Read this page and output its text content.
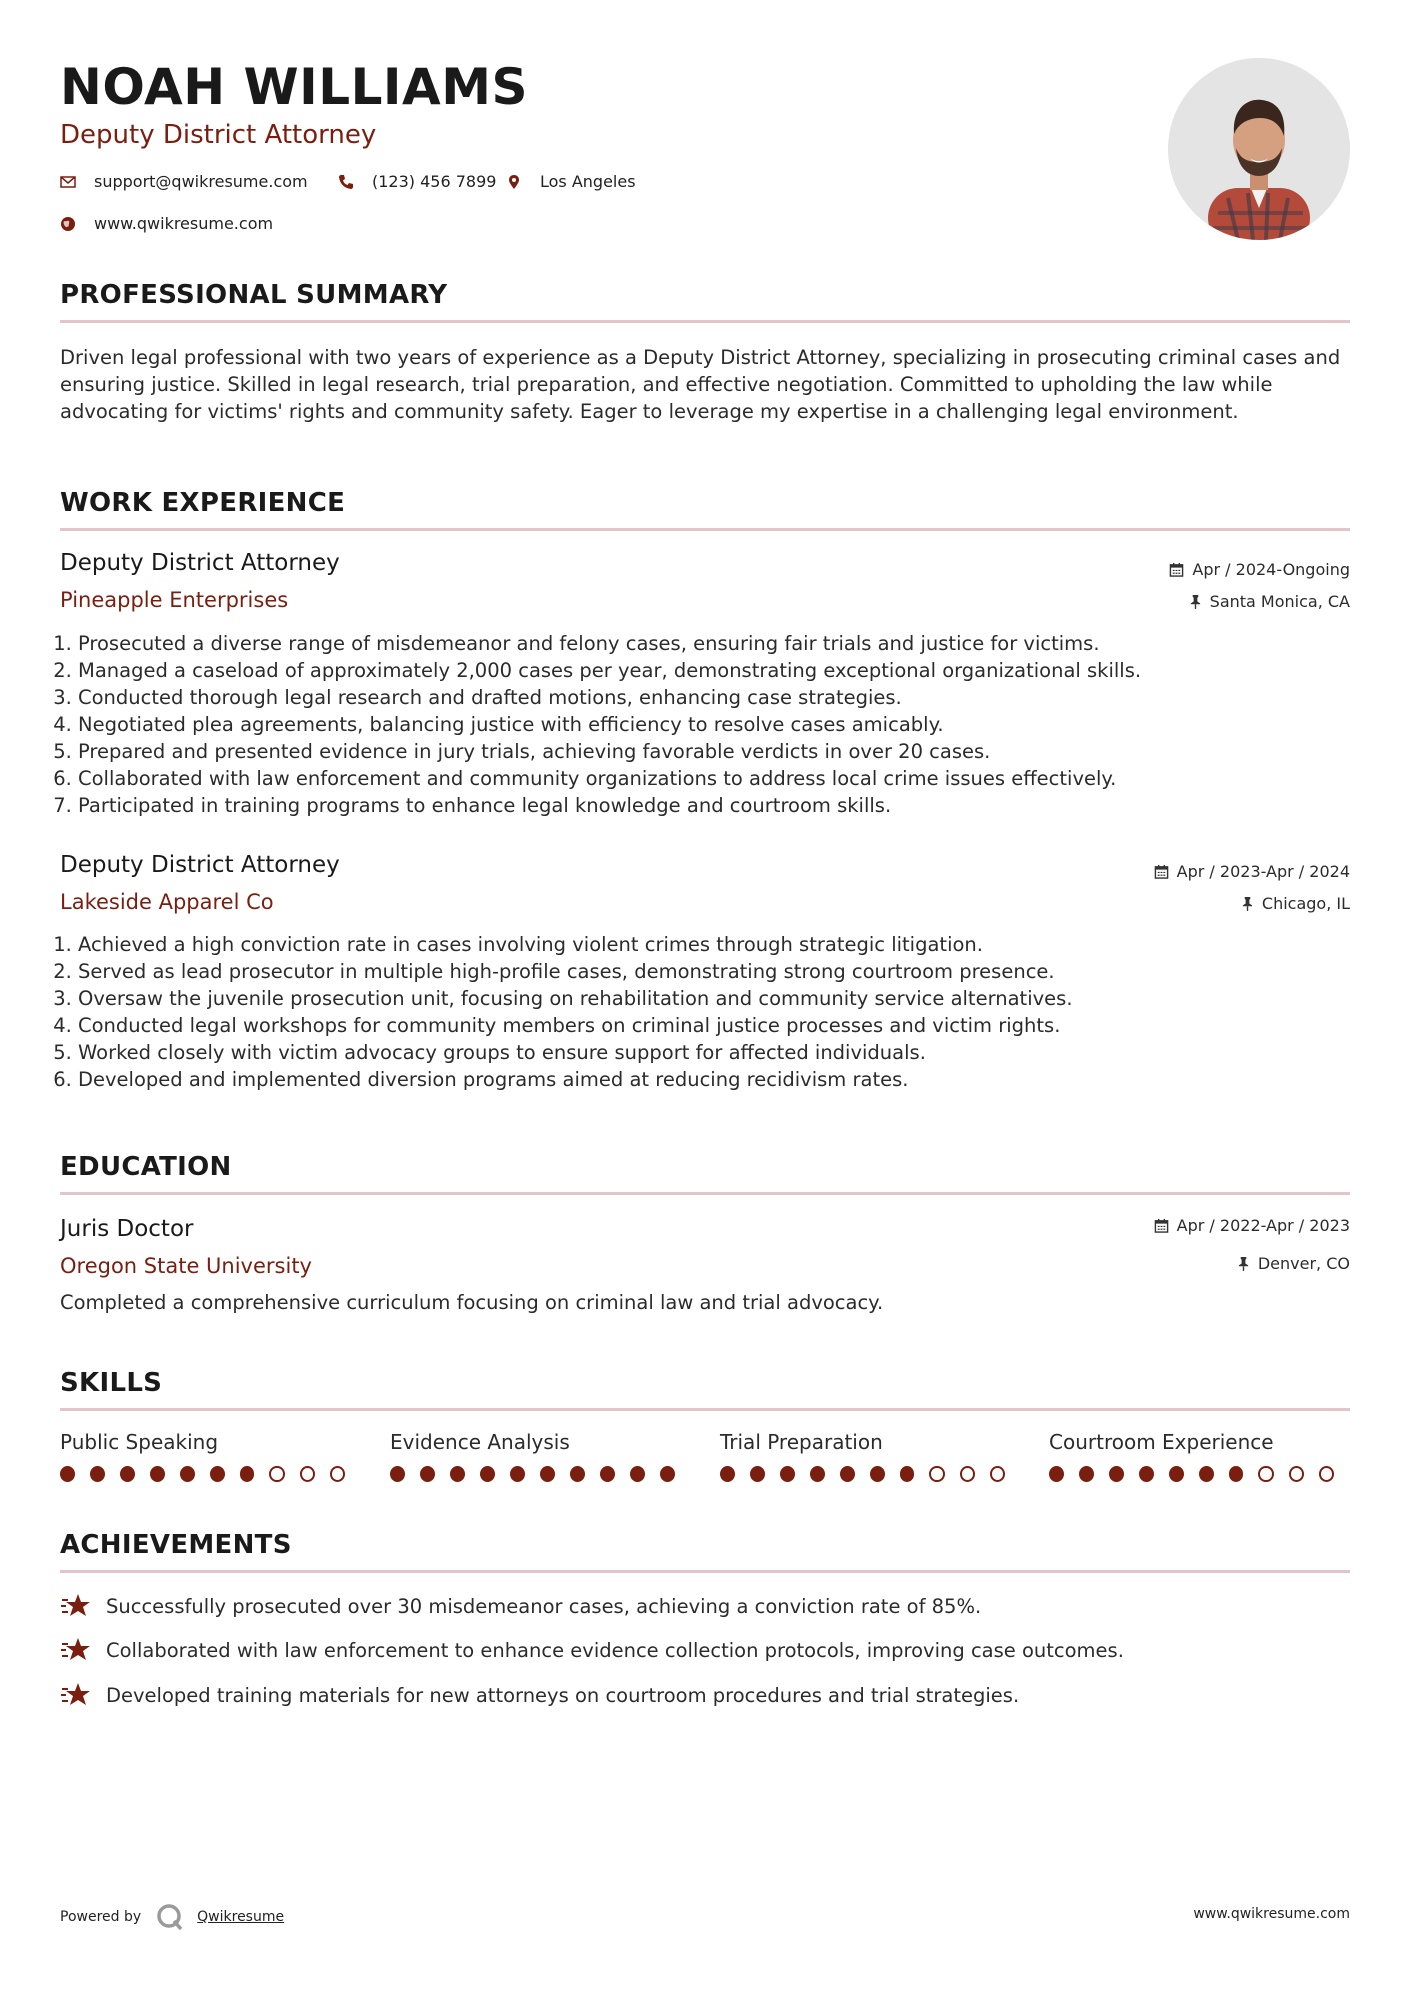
NOAH WILLIAMS
Deputy District Attorney
support@qwikresume.com	(123) 456 7899	Los Angeles
www.qwikresume.com
PROFESSIONAL SUMMARY

Driven legal professional with two years of experience as a Deputy District Attorney, specializing in prosecuting criminal cases and ensuring justice. Skilled in legal research, trial preparation, and effective negotiation. Committed to upholding the law while advocating for victims' rights and community safety. Eager to leverage my expertise in a challenging legal environment.

WORK EXPERIENCE
Deputy District Attorney
Pineapple Enterprises
Apr / 2024-Ongoing
Santa Monica, CA
1. Prosecuted a diverse range of misdemeanor and felony cases, ensuring fair trials and justice for victims.
2. Managed a caseload of approximately 2,000 cases per year, demonstrating exceptional organizational skills.
3. Conducted thorough legal research and drafted motions, enhancing case strategies.
4. Negotiated plea agreements, balancing justice with efficiency to resolve cases amicably.
5. Prepared and presented evidence in jury trials, achieving favorable verdicts in over 20 cases.
6. Collaborated with law enforcement and community organizations to address local crime issues effectively.
7. Participated in training programs to enhance legal knowledge and courtroom skills.
Deputy District Attorney
Lakeside Apparel Co
Apr / 2023-Apr / 2024
Chicago, IL
1. Achieved a high conviction rate in cases involving violent crimes through strategic litigation.
2. Served as lead prosecutor in multiple high-profile cases, demonstrating strong courtroom presence.
3. Oversaw the juvenile prosecution unit, focusing on rehabilitation and community service alternatives.
4. Conducted legal workshops for community members on criminal justice processes and victim rights.
5. Worked closely with victim advocacy groups to ensure support for affected individuals.
6. Developed and implemented diversion programs aimed at reducing recidivism rates.
EDUCATION
Juris Doctor
Oregon State University
Apr / 2022-Apr / 2023
Denver, CO

Completed a comprehensive curriculum focusing on criminal law and trial advocacy.

SKILLS
Public Speaking	Evidence Analysis	Trial Preparation	Courtroom Experience
ACHIEVEMENTS
Successfully prosecuted over 30 misdemeanor cases, achieving a conviction rate of 85%.
Collaborated with law enforcement to enhance evidence collection protocols, improving case outcomes.
Developed training materials for new attorneys on courtroom procedures and trial strategies.
Powered by	Qwikresume	www.qwikresume.com
